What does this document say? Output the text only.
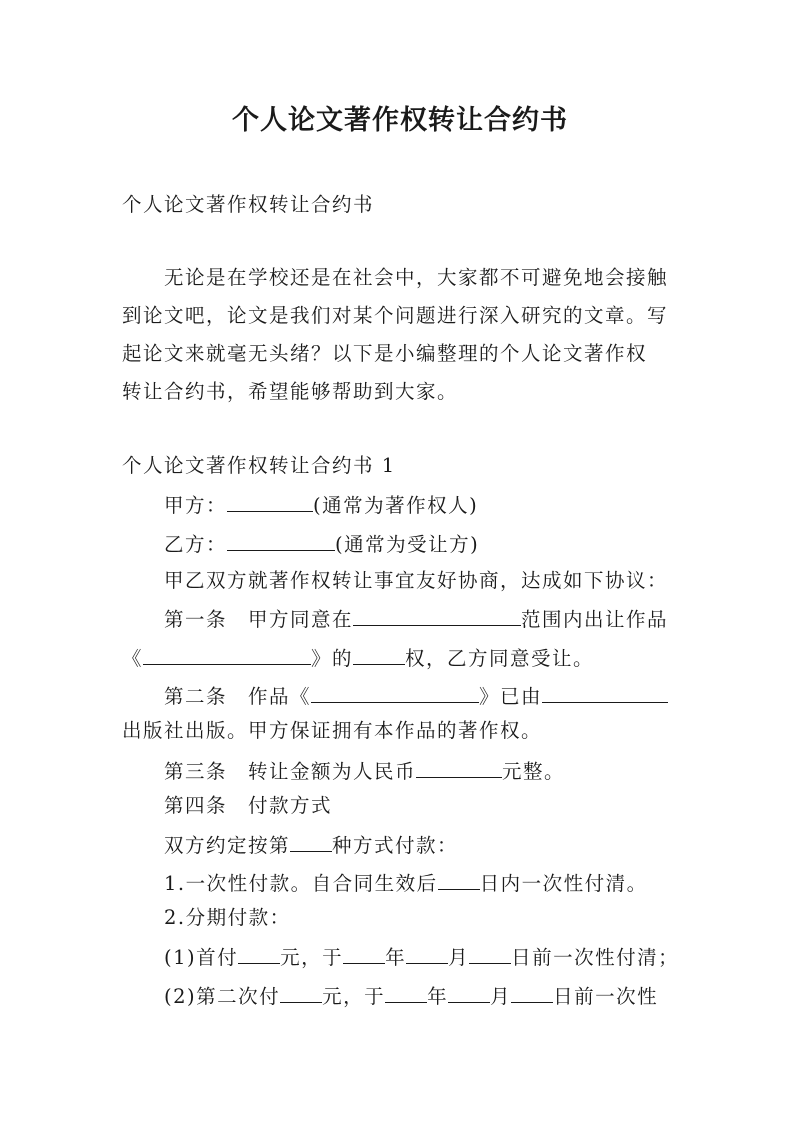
个人论文著作权转让合约书
个人论文著作权转让合约书
无论是在学校还是在社会中，大家都不可避免地会接触
到论文吧，论文是我们对某个问题进行深入研究的文章。写
起论文来就毫无头绪？以下是小编整理的个人论文著作权
转让合约书，希望能够帮助到大家。
个人论文著作权转让合约书 1
甲方：	(通常为著作权人)
乙方：	(通常为受让方)
甲乙双方就著作权转让事宜友好协商，达成如下协议：
第一条　甲方同意在	范围内出让作品
《	》的	权，乙方同意受让。
第二条　作品《	》已由
出版社出版。甲方保证拥有本作品的著作权。
第三条　转让金额为人民币	元整。
第四条　付款方式
双方约定按第 种方式付款：
1.一次性付款。自合同生效后 日内一次性付清。
2.分期付款：
(1)首付 元，于 年 月 日前一次性付清；
(2)第二次付 元，于 年 月 日前一次性
